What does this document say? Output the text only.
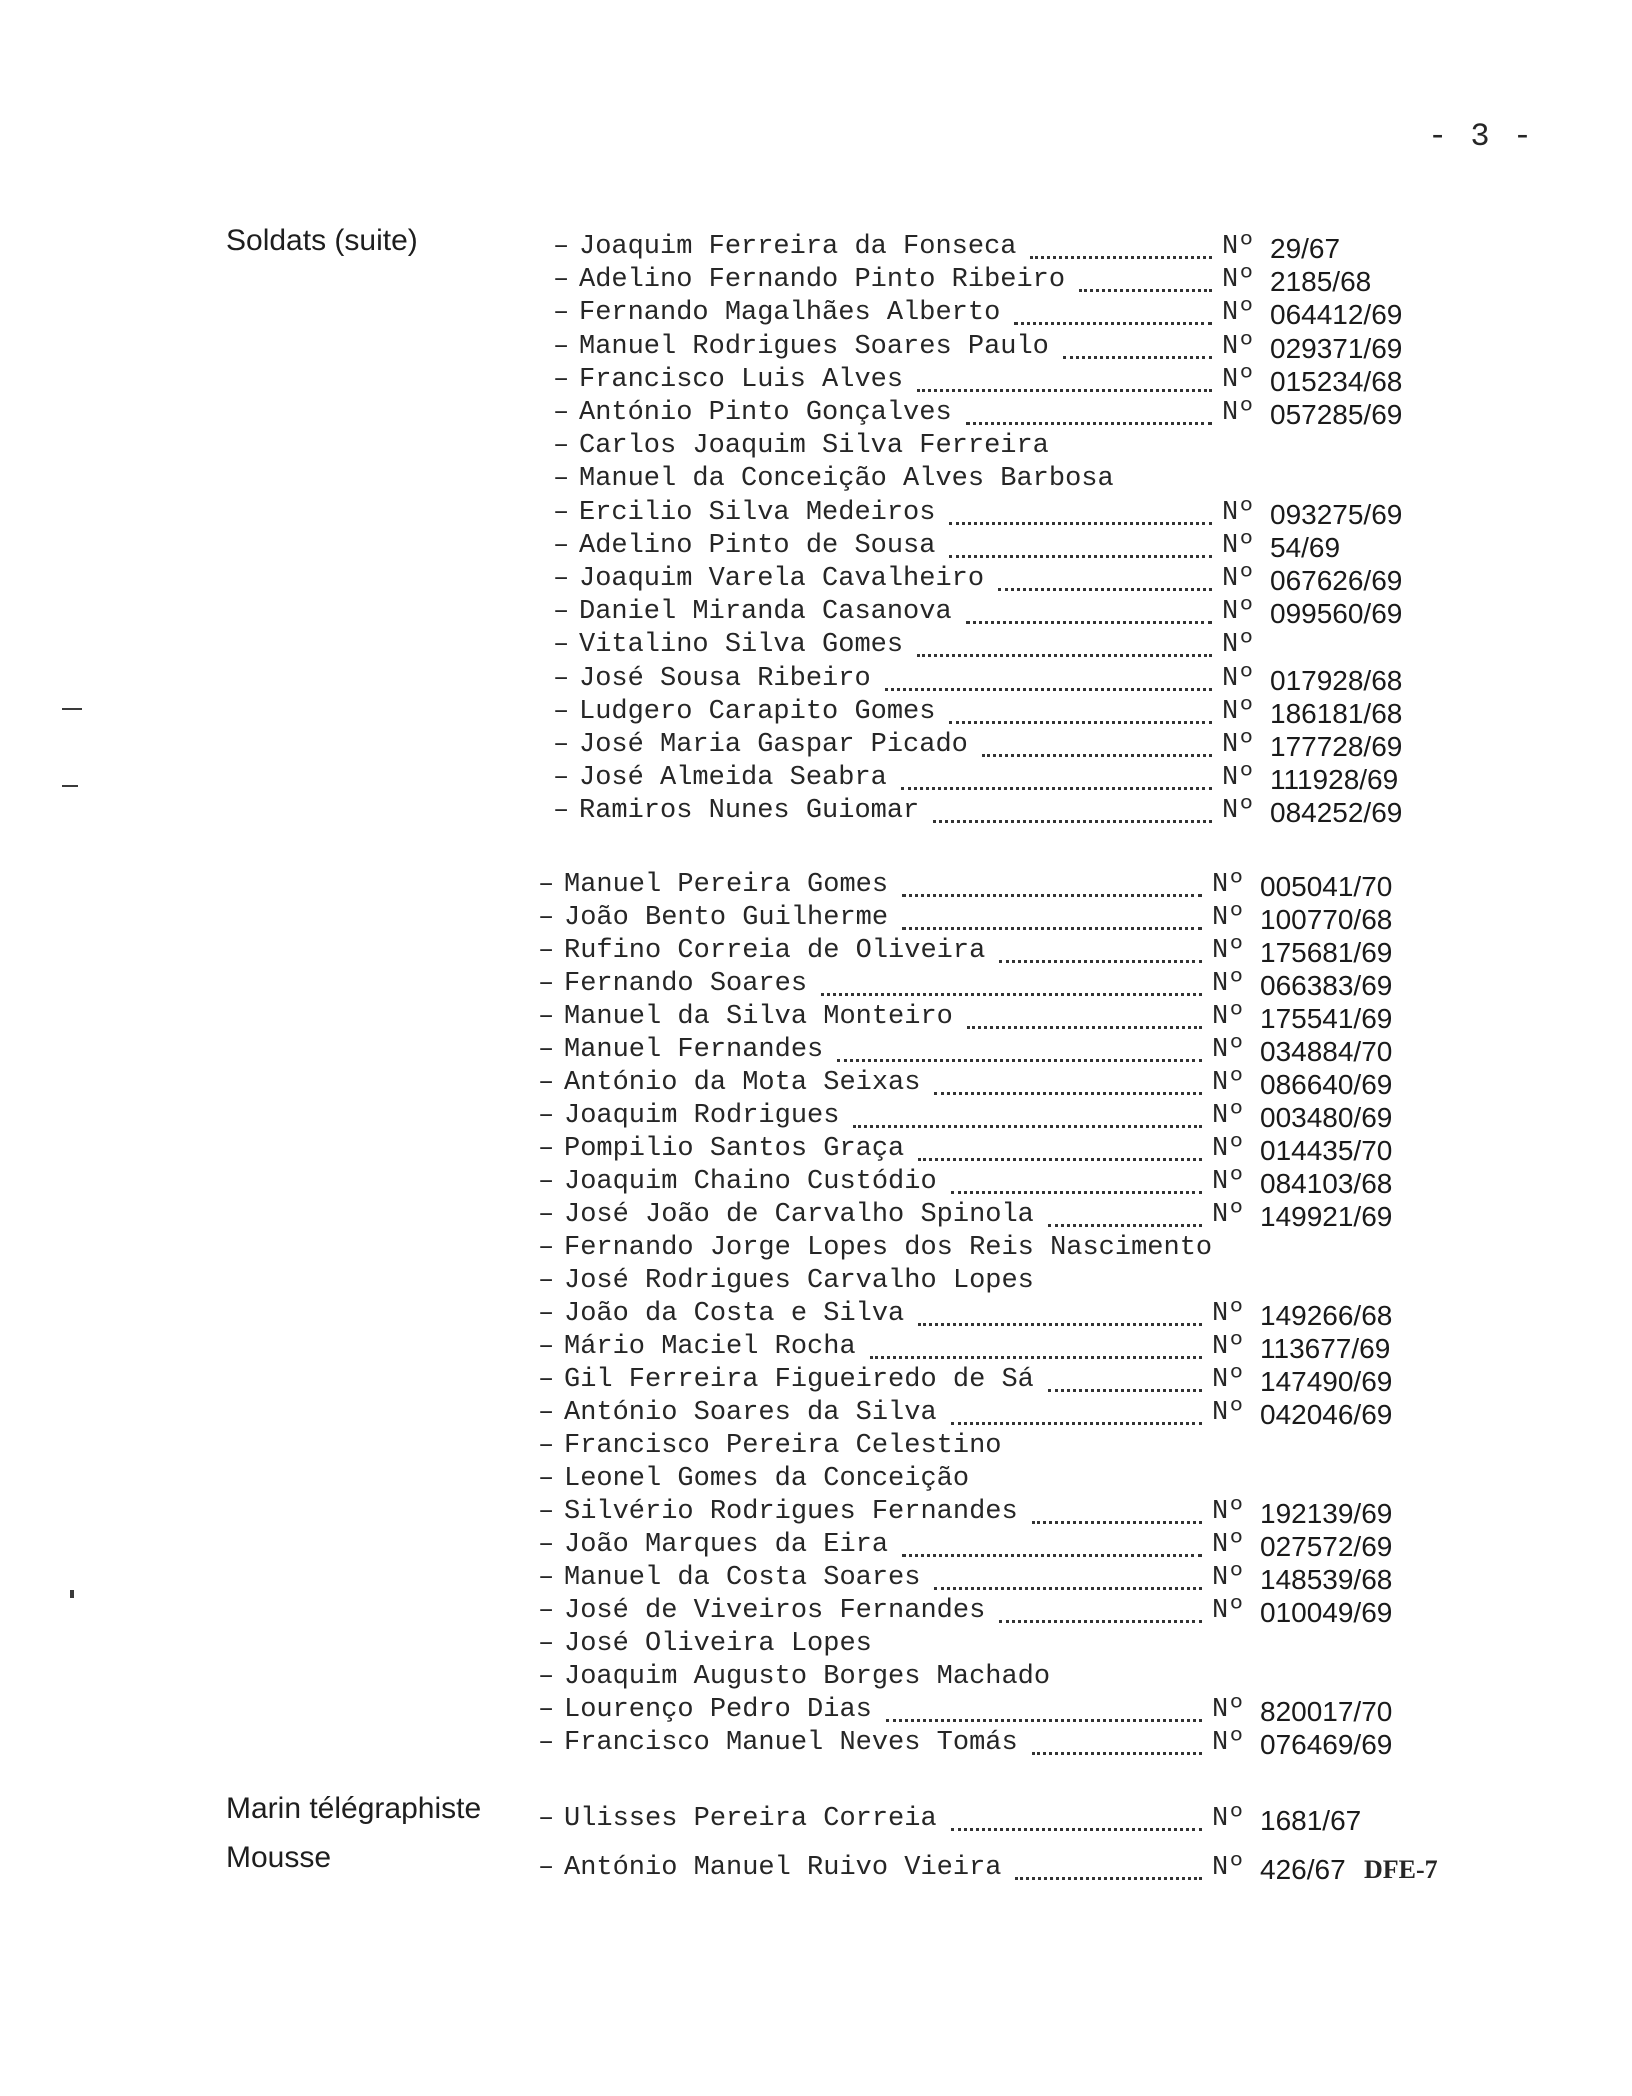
- 3 -
Soldats (suite)
Marin télégraphiste
Mousse
– Joaquim Ferreira da Fonseca	Nº 29/67
– Adelino Fernando Pinto Ribeiro	Nº 2185/68
– Fernando Magalhães Alberto	Nº 064412/69
– Manuel Rodrigues Soares Paulo	Nº 029371/69
– Francisco Luis Alves	Nº 015234/68
– António Pinto Gonçalves	Nº 057285/69
– Carlos Joaquim Silva Ferreira
– Manuel da Conceição Alves Barbosa
– Ercilio Silva Medeiros	Nº 093275/69
– Adelino Pinto de Sousa	Nº 54/69
– Joaquim Varela Cavalheiro	Nº 067626/69
– Daniel Miranda Casanova	Nº 099560/69
– Vitalino Silva Gomes	Nº
– José Sousa Ribeiro	Nº 017928/68
– Ludgero Carapito Gomes	Nº 186181/68
– José Maria Gaspar Picado	Nº 177728/69
– José Almeida Seabra	Nº 111928/69
– Ramiros Nunes Guiomar	Nº 084252/69
– Manuel Pereira Gomes	Nº 005041/70
– João Bento Guilherme	Nº 100770/68
– Rufino Correia de Oliveira	Nº 175681/69
– Fernando Soares	Nº 066383/69
– Manuel da Silva Monteiro	Nº 175541/69
– Manuel Fernandes	Nº 034884/70
– António da Mota Seixas	Nº 086640/69
– Joaquim Rodrigues	Nº 003480/69
– Pompilio Santos Graça	Nº 014435/70
– Joaquim Chaino Custódio	Nº 084103/68
– José João de Carvalho Spinola	Nº 149921/69
– Fernando Jorge Lopes dos Reis Nascimento
– José Rodrigues Carvalho Lopes
– João da Costa e Silva	Nº 149266/68
– Mário Maciel Rocha	Nº 113677/69
– Gil Ferreira Figueiredo de Sá	Nº 147490/69
– António Soares da Silva	Nº 042046/69
– Francisco Pereira Celestino
– Leonel Gomes da Conceição
– Silvério Rodrigues Fernandes	Nº 192139/69
– João Marques da Eira	Nº 027572/69
– Manuel da Costa Soares	Nº 148539/68
– José de Viveiros Fernandes	Nº 010049/69
– José Oliveira Lopes
– Joaquim Augusto Borges Machado
– Lourenço Pedro Dias	Nº 820017/70
– Francisco Manuel Neves Tomás	Nº 076469/69
– Ulisses Pereira Correia	Nº 1681/67
– António Manuel Ruivo Vieira	Nº 426/67 DFE-7
